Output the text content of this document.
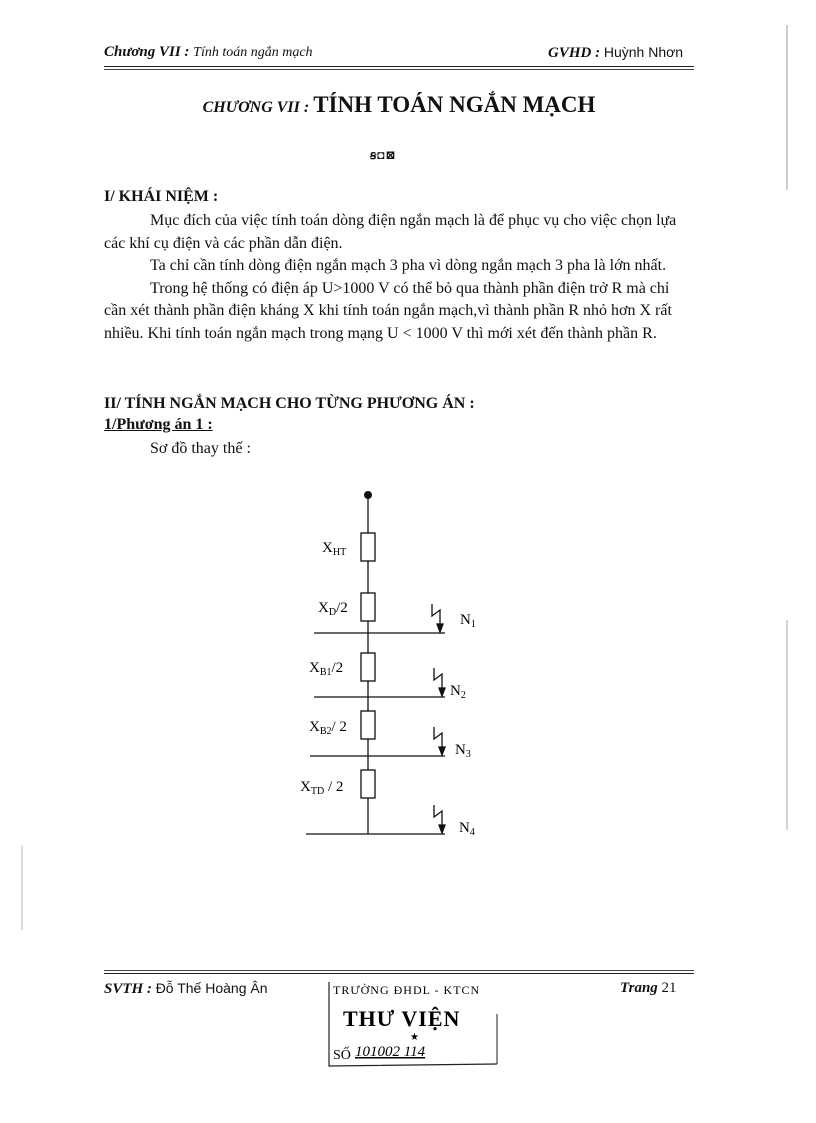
Chương VII : Tính toán ngắn mạch	GVHD : Huỳnh Nhơn
CHƯƠNG VII : TÍNH TOÁN NGẮN MẠCH
ꞩ◘⊠
I/ KHÁI NIỆM :

Mục đích của việc tính toán dòng điện ngắn mạch là để phục vụ cho việc chọn lựa các khí cụ điện và các phần dẫn điện.

Ta chỉ cần tính dòng điện ngắn mạch 3 pha vì dòng ngắn mạch 3 pha là lớn nhất.

Trong hệ thống có điện áp U>1000 V có thể bỏ qua thành phần điện trở R mà chỉ cần xét thành phần điện kháng X khi tính toán ngắn mạch,vì thành phần R nhỏ hơn X rất nhiều. Khi tính toán ngắn mạch trong mạng U < 1000 V thì mới xét đến thành phần R.

II/ TÍNH NGẮN MẠCH CHO TỪNG PHƯƠNG ÁN :
1/Phương án 1 :
Sơ đồ thay thế :
$X_{HT}$
$X_D/2$
$X_{B1}/2$
$X_{B2}/$ 2
$X_{TD} / 2$
$N_1$
$N_2$
$N_3$
$N_4$
SVTH : Đỗ Thế Hoàng Ân	Trang 21
TRƯỜNG ĐHDL - KTCN
THƯ VIỆN
★
SỐ 101002 114
